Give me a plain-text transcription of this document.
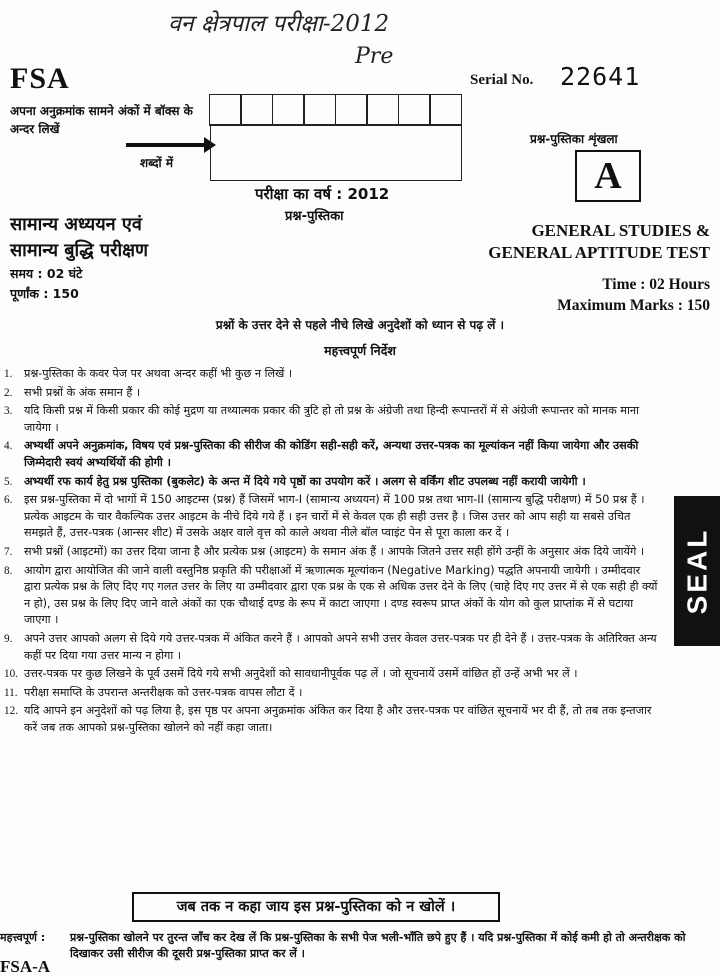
वन क्षेत्रपाल परीक्षा-2012
Pre
FSA	Serial No. 22641
अपना अनुक्रमांक सामने अंकों में बॉक्स के अन्दर लिखें
शब्दों में
प्रश्न-पुस्तिका शृंखला
A
परीक्षा का वर्ष : 2012
प्रश्न-पुस्तिका
सामान्य अध्ययन एवं
सामान्य बुद्धि परीक्षण
GENERAL STUDIES &
GENERAL APTITUDE TEST
समय : 02 घंटे
पूर्णांक : 150
Time : 02 Hours
Maximum Marks : 150
प्रश्नों के उत्तर देने से पहले नीचे लिखे अनुदेशों को ध्यान से पढ़ लें ।
महत्त्वपूर्ण निर्देश
1.	प्रश्न-पुस्तिका के कवर पेज पर अथवा अन्दर कहीं भी कुछ न लिखें ।
2.	सभी प्रश्नों के अंक समान हैं ।
3.	यदि किसी प्रश्न में किसी प्रकार की कोई मुद्रण या तथ्यात्मक प्रकार की त्रुटि हो तो प्रश्न के अंग्रेजी तथा हिन्दी रूपान्तरों में से अंग्रेजी रूपान्तर को मानक माना जायेगा ।
4.	अभ्यर्थी अपने अनुक्रमांक, विषय एवं प्रश्न-पुस्तिका की सीरीज की कोडिंग सही-सही करें, अन्यथा उत्तर-पत्रक का मूल्यांकन नहीं किया जायेगा और उसकी जिम्मेदारी स्वयं अभ्यर्थियों की होगी ।
5.	अभ्यर्थी रफ कार्य हेतु प्रश्न पुस्तिका (बुकलेट) के अन्त में दिये गये पृष्ठों का उपयोग करें । अलग से वर्किंग शीट उपलब्ध नहीं करायी जायेगी ।
6.	इस प्रश्न-पुस्तिका में दो भागों में 150 आइटम्स (प्रश्न) हैं जिसमें भाग-I (सामान्य अध्ययन) में 100 प्रश्न तथा भाग-II (सामान्य बुद्धि परीक्षण) में 50 प्रश्न हैं । प्रत्येक आइटम के चार वैकल्पिक उत्तर आइटम के नीचे दिये गये हैं । इन चारों में से केवल एक ही सही उत्तर है । जिस उत्तर को आप सही या सबसे उचित समझते हैं, उत्तर-पत्रक (आन्सर शीट) में उसके अक्षर वाले वृत्त को काले अथवा नीले बॉल प्वाइंट पेन से पूरा काला कर दें ।
7.	सभी प्रश्नों (आइटमों) का उत्तर दिया जाना है और प्रत्येक प्रश्न (आइटम) के समान अंक हैं । आपके जितने उत्तर सही होंगे उन्हीं के अनुसार अंक दिये जायेंगे ।
8.	आयोग द्वारा आयोजित की जाने वाली वस्तुनिष्ठ प्रकृति की परीक्षाओं में ऋणात्मक मूल्यांकन (Negative Marking) पद्धति अपनायी जायेगी । उम्मीदवार द्वारा प्रत्येक प्रश्न के लिए दिए गए गलत उत्तर के लिए या उम्मीदवार द्वारा एक प्रश्न के एक से अधिक उत्तर देने के लिए (चाहे दिए गए उत्तर में से एक सही ही क्यों न हो), उस प्रश्न के लिए दिए जाने वाले अंकों का एक चौथाई दण्ड के रूप में काटा जाएगा । दण्ड स्वरूप प्राप्त अंकों के योग को कुल प्राप्तांक में से घटाया जाएगा ।
9.	अपने उत्तर आपको अलग से दिये गये उत्तर-पत्रक में अंकित करने हैं । आपको अपने सभी उत्तर केवल उत्तर-पत्रक पर ही देने हैं । उत्तर-पत्रक के अतिरिक्त अन्य कहीं पर दिया गया उत्तर मान्य न होगा ।
10. उत्तर-पत्रक पर कुछ लिखने के पूर्व उसमें दिये गये सभी अनुदेशों को सावधानीपूर्वक पढ़ लें । जो सूचनायें उसमें वांछित हों उन्हें अभी भर लें ।
11. परीक्षा समाप्ति के उपरान्त अन्तरीक्षक को उत्तर-पत्रक वापस लौटा दें ।
12. यदि आपने इन अनुदेशों को पढ़ लिया है, इस पृष्ठ पर अपना अनुक्रमांक अंकित कर दिया है और उत्तर-पत्रक पर वांछित सूचनायें भर दी हैं, तो तब तक इन्तजार करें जब तक आपको प्रश्न-पुस्तिका खोलने को नहीं कहा जाता।
जब तक न कहा जाय इस प्रश्न-पुस्तिका को न खोलें ।
महत्त्वपूर्ण : प्रश्न-पुस्तिका खोलने पर तुरन्त जाँच कर देख लें कि प्रश्न-पुस्तिका के सभी पेज भली-भाँति छपे हुए हैं । यदि प्रश्न-पुस्तिका में कोई कमी हो तो अन्तरीक्षक को दिखाकर उसी सीरीज की दूसरी प्रश्न-पुस्तिका प्राप्त कर लें ।
FSA-A
SEAL
